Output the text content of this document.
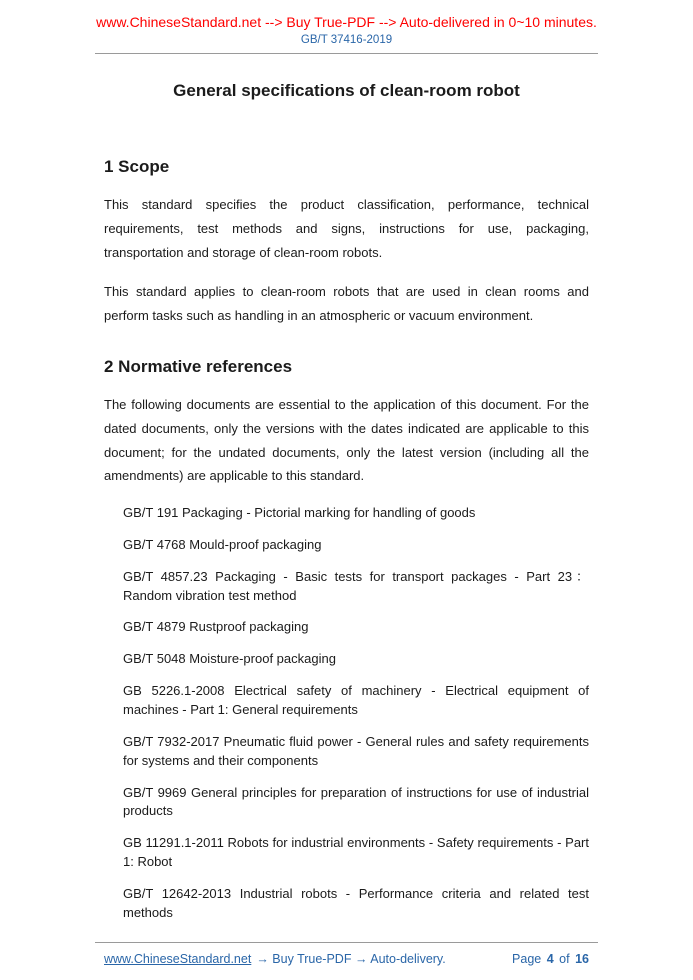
www.ChineseStandard.net --> Buy True-PDF --> Auto-delivered in 0~10 minutes.
GB/T 37416-2019
General specifications of clean-room robot
1 Scope

This standard specifies the product classification, performance, technical requirements, test methods and signs, instructions for use, packaging, transportation and storage of clean-room robots.

This standard applies to clean-room robots that are used in clean rooms and perform tasks such as handling in an atmospheric or vacuum environment.

2 Normative references

The following documents are essential to the application of this document. For the dated documents, only the versions with the dates indicated are applicable to this document; for the undated documents, only the latest version (including all the amendments) are applicable to this standard.

GB/T 191 Packaging - Pictorial marking for handling of goods

GB/T 4768 Mould-proof packaging

GB/T 4857.23 Packaging - Basic tests for transport packages - Part 23：Random vibration test method

GB/T 4879 Rustproof packaging

GB/T 5048 Moisture-proof packaging

GB 5226.1-2008 Electrical safety of machinery - Electrical equipment of machines - Part 1: General requirements

GB/T 7932-2017 Pneumatic fluid power - General rules and safety requirements for systems and their components

GB/T 9969 General principles for preparation of instructions for use of industrial products

GB 11291.1-2011 Robots for industrial environments - Safety requirements - Part 1: Robot

GB/T 12642-2013 Industrial robots - Performance criteria and related test methods

www.ChineseStandard.net → Buy True-PDF → Auto-delivery.	Page 4 of 16
